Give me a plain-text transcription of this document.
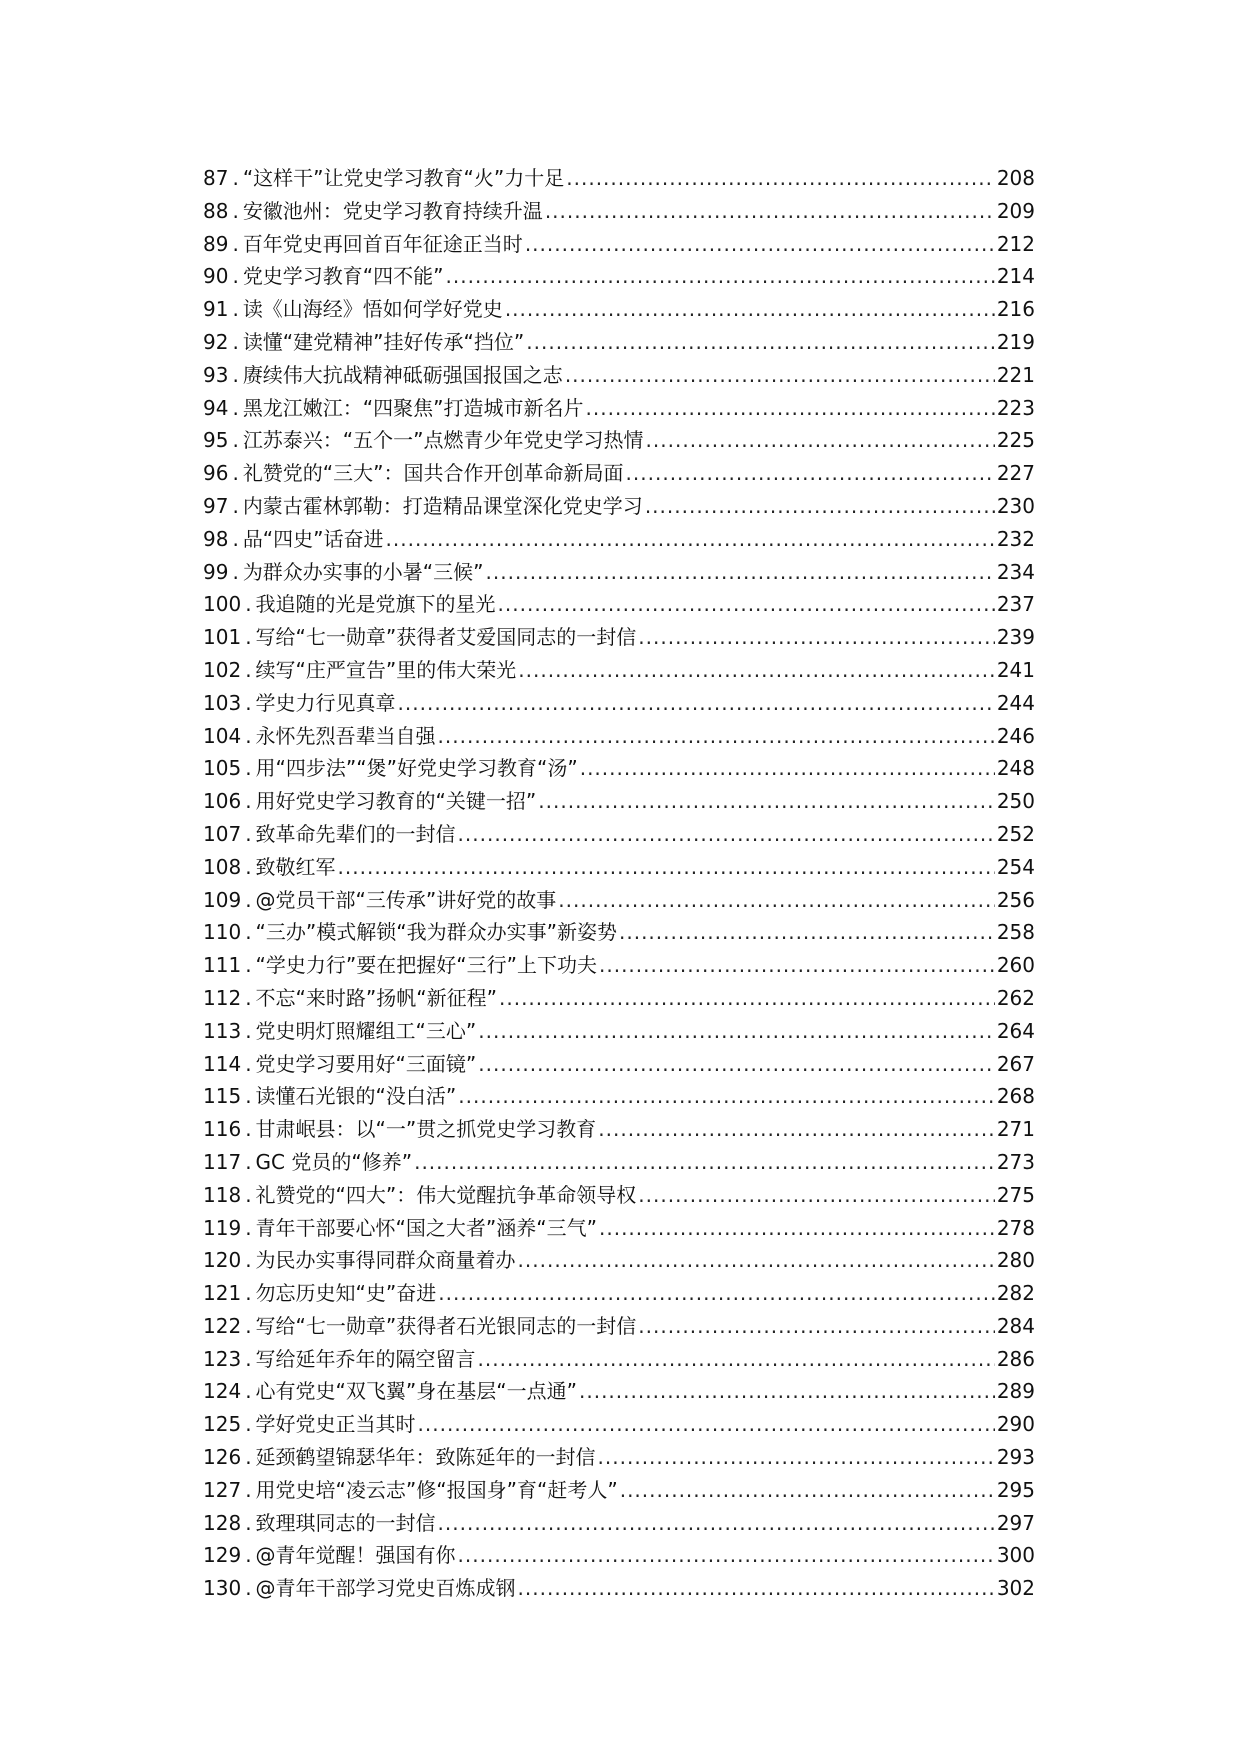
87 . “这样干”让党史学习教育“火”力十足 .....	208
88 . 安徽池州：党史学习教育持续升温 .....	209
89 . 百年党史再回首百年征途正当时 .....	212
90 . 党史学习教育“四不能” .....	214
91 . 读《山海经》悟如何学好党史 .....	216
92 . 读懂“建党精神”挂好传承“挡位” .....	219
93 . 赓续伟大抗战精神砥砺强国报国之志 .....	221
94 . 黑龙江嫩江：“四聚焦”打造城市新名片 .....	223
95 . 江苏泰兴：“五个一”点燃青少年党史学习热情 .....	225
96 . 礼赞党的“三大”：国共合作开创革命新局面 .....	227
97 . 内蒙古霍林郭勒：打造精品课堂深化党史学习 .....	230
98 . 品“四史”话奋进 .....	232
99 . 为群众办实事的小暑“三候” .....	234
100 . 我追随的光是党旗下的星光 .....	237
101 . 写给“七一勋章”获得者艾爱国同志的一封信 .....	239
102 . 续写“庄严宣告”里的伟大荣光 .....	241
103 . 学史力行见真章 .....	244
104 . 永怀先烈吾辈当自强 .....	246
105 . 用“四步法”“煲”好党史学习教育“汤” .....	248
106 . 用好党史学习教育的“关键一招” .....	250
107 . 致革命先辈们的一封信 .....	252
108 . 致敬红军 .....	254
109 . @党员干部“三传承”讲好党的故事 .....	256
110 . “三办”模式解锁“我为群众办实事”新姿势 .....	258
111 . “学史力行”要在把握好“三行”上下功夫 .....	260
112 . 不忘“来时路”扬帆“新征程” .....	262
113 . 党史明灯照耀组工“三心” .....	264
114 . 党史学习要用好“三面镜” .....	267
115 . 读懂石光银的“没白活” .....	268
116 . 甘肃岷县：以“一”贯之抓党史学习教育 .....	271
117 . GC 党员的“修养” .....	273
118 . 礼赞党的“四大”：伟大觉醒抗争革命领导权 .....	275
119 . 青年干部要心怀“国之大者”涵养“三气” .....	278
120 . 为民办实事得同群众商量着办 .....	280
121 . 勿忘历史知“史”奋进 .....	282
122 . 写给“七一勋章”获得者石光银同志的一封信 .....	284
123 . 写给延年乔年的隔空留言 .....	286
124 . 心有党史“双飞翼”身在基层“一点通” .....	289
125 . 学好党史正当其时 .....	290
126 . 延颈鹤望锦瑟华年：致陈延年的一封信 .....	293
127 . 用党史培“凌云志”修“报国身”育“赶考人” .....	295
128 . 致理琪同志的一封信 .....	297
129 . @青年觉醒！强国有你 .....	300
130 . @青年干部学习党史百炼成钢 .....	302
